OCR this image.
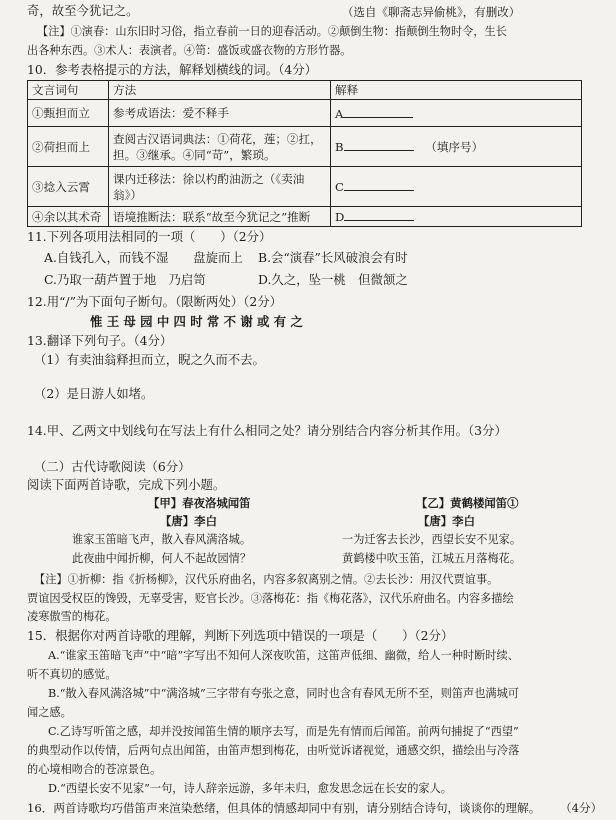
奇，故至今犹记之。	（选自《聊斋志异偷桃》，有删改）
【注】①演春：山东旧时习俗，指立春前一日的迎春活动。②颠倒生物：指颠倒生物时令，生长
出各种东西。③术人：表演者。④笥：盛饭或盛衣物的方形竹器。
10．参考表格提示的方法，解释划横线的词。（4分）
文言词句	方法	解释
①甄担而立	参考成语法：爱不释手	A
②荷担而上	查阅古汉语词典法：①荷花，莲；②扛，担。③继承。④同“苛”，繁琐。	B （填序号）
③捻入云霄	课内迁移法：徐以杓酌油沥之（《卖油翁》）	C
④余以其术奇	语境推断法：联系“故至今犹记之”推断	D
11.下列各项用法相同的一项（　　）（2分）
A.自钱孔入，而钱不湿　　盘旋而上 B.会“演春”长风破浪会有时
C.乃取一葫芦置于地　乃启笥	D.久之，坠一桃　但微颔之
12.用“/”为下面句子断句。（限断两处）（2分）
惟 王 母 园 中 四 时 常 不 谢 或 有 之
13.翻译下列句子。（4分）
（1）有卖油翁释担而立，睨之久而不去。
（2）是日游人如堵。
14.甲、乙两文中划线句在写法上有什么相同之处？请分别结合内容分析其作用。（3分）
（二）古代诗歌阅读（6分）
阅读下面两首诗歌，完成下列小题。
【甲】春夜洛城闻笛
【唐】李白
谁家玉笛暗飞声，散入春风满洛城。
此夜曲中闻折柳，何人不起故园情？
【乙】黄鹤楼闻笛①
【唐】李白
一为迁客去长沙，西望长安不见家。
黄鹤楼中吹玉笛，江城五月落梅花。
【注】①折柳：指《折杨柳》，汉代乐府曲名，内容多叙离别之情。②去长沙：用汉代贾谊事。
贾谊因受权臣的馋毁，无辜受害，贬官长沙。③落梅花：指《梅花落》，汉代乐府曲名。内容多描绘
凌寒傲雪的梅花。
15．根据你对两首诗歌的理解，判断下列选项中错误的一项是（　　）（2分）
A.“谁家玉笛暗飞声”中“暗”字写出不知何人深夜吹笛，这笛声低细、幽微，给人一种时断时续、
听不真切的感觉。
B.“散入春风满洛城”中“满洛城”三字带有夸张之意，同时也含有春风无所不至，则笛声也满城可
闻之感。
C.乙诗写听笛之感，却并没按闻笛生情的顺序去写，而是先有情而后闻笛。前两句捕捉了“西望”
的典型动作以传情，后两句点出闻笛，由笛声想到梅花，由听觉诉诸视觉，通感交织，描绘出与冷落
的心境相吻合的苍凉景色。
D.“西望长安不见家”一句，诗人辞亲远游，多年未归，愈发思念远在长安的家人。
16．两首诗歌均巧借笛声来渲染愁绪，但具体的情感却同中有别，请分别结合诗句，谈谈你的理解。 （4分）
